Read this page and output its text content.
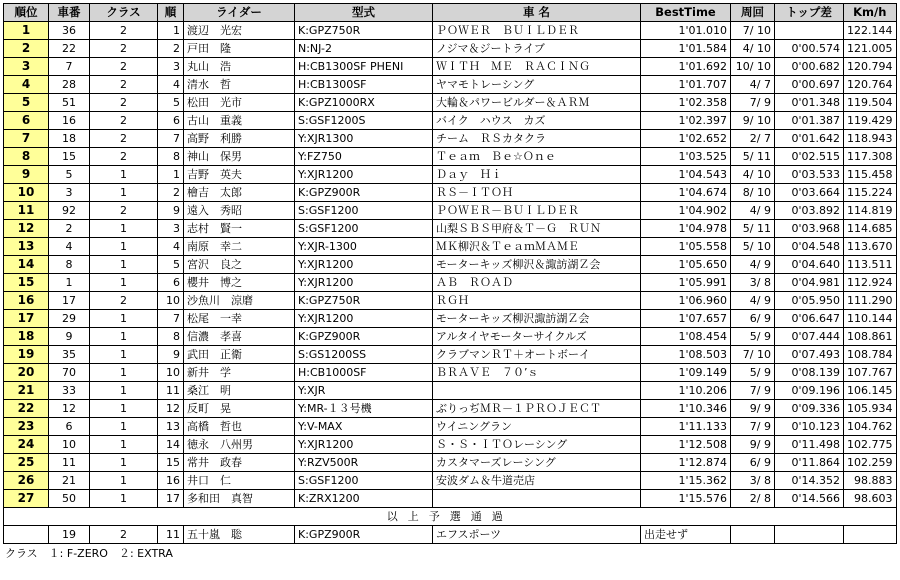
順位	車番	クラス	順	ライダー	型式	車 名	BestTime	周回	トップ差	Km/h
1	36	2	1	渡辺　光宏	K:GPZ750R	ＰＯＷＥＲ　ＢＵＩＬＤＥＲ	1'01.010	7/ 10		122.144
2	22	2	2	戸田　隆	N:NJ-2	ノジマ＆ジートライブ	1'01.584	4/ 10	0'00.574	121.005
3	7	2	3	丸山　浩	H:CB1300SF PHENI	ＷＩＴＨ　ＭＥ　ＲＡＣＩＮＧ	1'01.692	10/ 10	0'00.682	120.794
4	28	2	4	清水　哲	H:CB1300SF	ヤマモトレーシング	1'01.707	4/ 7	0'00.697	120.764
5	51	2	5	松田　光市	K:GPZ1000RX	大輪＆パワービルダー＆ＡＲＭ	1'02.358	7/ 9	0'01.348	119.504
6	16	2	6	古山　重義	S:GSF1200S	バイク　ハウス　カズ	1'02.397	9/ 10	0'01.387	119.429
7	18	2	7	高野　利勝	Y:XJR1300	チーム　ＲＳカタクラ	1'02.652	2/ 7	0'01.642	118.943
8	15	2	8	神山　保男	Y:FZ750	Ｔｅａｍ　Ｂｅ☆Ｏｎｅ	1'03.525	5/ 11	0'02.515	117.308
9	5	1	1	吉野　英夫	Y:XJR1200	Ｄａｙ　Ｈｉ	1'04.543	4/ 10	0'03.533	115.458
10	3	1	2	檜吉　太郎	K:GPZ900R	ＲＳ－ＩＴＯＨ	1'04.674	8/ 10	0'03.664	115.224
11	92	2	9	遠入　秀昭	S:GSF1200	ＰＯＷＥＲ－ＢＵＩＬＤＥＲ	1'04.902	4/ 9	0'03.892	114.819
12	2	1	3	志村　賢一	S:GSF1200	山梨ＳＢＳ甲府＆Ｔ－Ｇ　ＲＵＮ	1'04.978	5/ 11	0'03.968	114.685
13	4	1	4	南原　幸二	Y:XJR-1300	ＭＫ柳沢＆ＴｅａｍＭＡＭＥ	1'05.558	5/ 10	0'04.548	113.670
14	8	1	5	宮沢　良之	Y:XJR1200	モーターキッズ柳沢＆諏訪湖Ｚ会	1'05.650	4/ 9	0'04.640	113.511
15	1	1	6	櫻井　博之	Y:XJR1200	ＡＢ　ＲＯＡＤ	1'05.991	3/ 8	0'04.981	112.924
16	17	2	10	沙魚川　涼磨	K:GPZ750R	ＲＧＨ	1'06.960	4/ 9	0'05.950	111.290
17	29	1	7	松尾　一幸	Y:XJR1200	モーターキッズ柳沢諏訪湖Ｚ会	1'07.657	6/ 9	0'06.647	110.144
18	9	1	8	信濃　孝喜	K:GPZ900R	アルタイヤモーターサイクルズ	1'08.454	5/ 9	0'07.444	108.861
19	35	1	9	武田　正衛	S:GS1200SS	クラブマンＲＴ＋オートボーイ	1'08.503	7/ 10	0'07.493	108.784
20	70	1	10	新井　学	H:CB1000SF	ＢＲＡＶＥ　７０’ｓ	1'09.149	5/ 9	0'08.139	107.767
21	33	1	11	桑江　明	Y:XJR		1'10.206	7/ 9	0'09.196	106.145
22	12	1	12	反町　晃	Y:MR-１３号機	ぶりっぢＭＲ－１ＰＲＯＪＥＣＴ	1'10.346	9/ 9	0'09.336	105.934
23	6	1	13	高橋　哲也	Y:V-MAX	ウイニングラン	1'11.133	7/ 9	0'10.123	104.762
24	10	1	14	徳永　八州男	Y:XJR1200	Ｓ・Ｓ・ＩＴＯレーシング	1'12.508	9/ 9	0'11.498	102.775
25	11	1	15	常井　政春	Y:RZV500R	カスタマーズレーシング	1'12.874	6/ 9	0'11.864	102.259
26	21	1	16	井口　仁	S:GSF1200	安波ダム＆牛道売店	1'15.362	3/ 8	0'14.352	98.883
27	50	1	17	多和田　真智	K:ZRX1200		1'15.576	2/ 8	0'14.566	98.603
以上予選通過										
	19	2	11	五十嵐　聡	K:GPZ900R	エフスポーツ	出走せず			
クラス　１: F-ZERO　２: EXTRA
